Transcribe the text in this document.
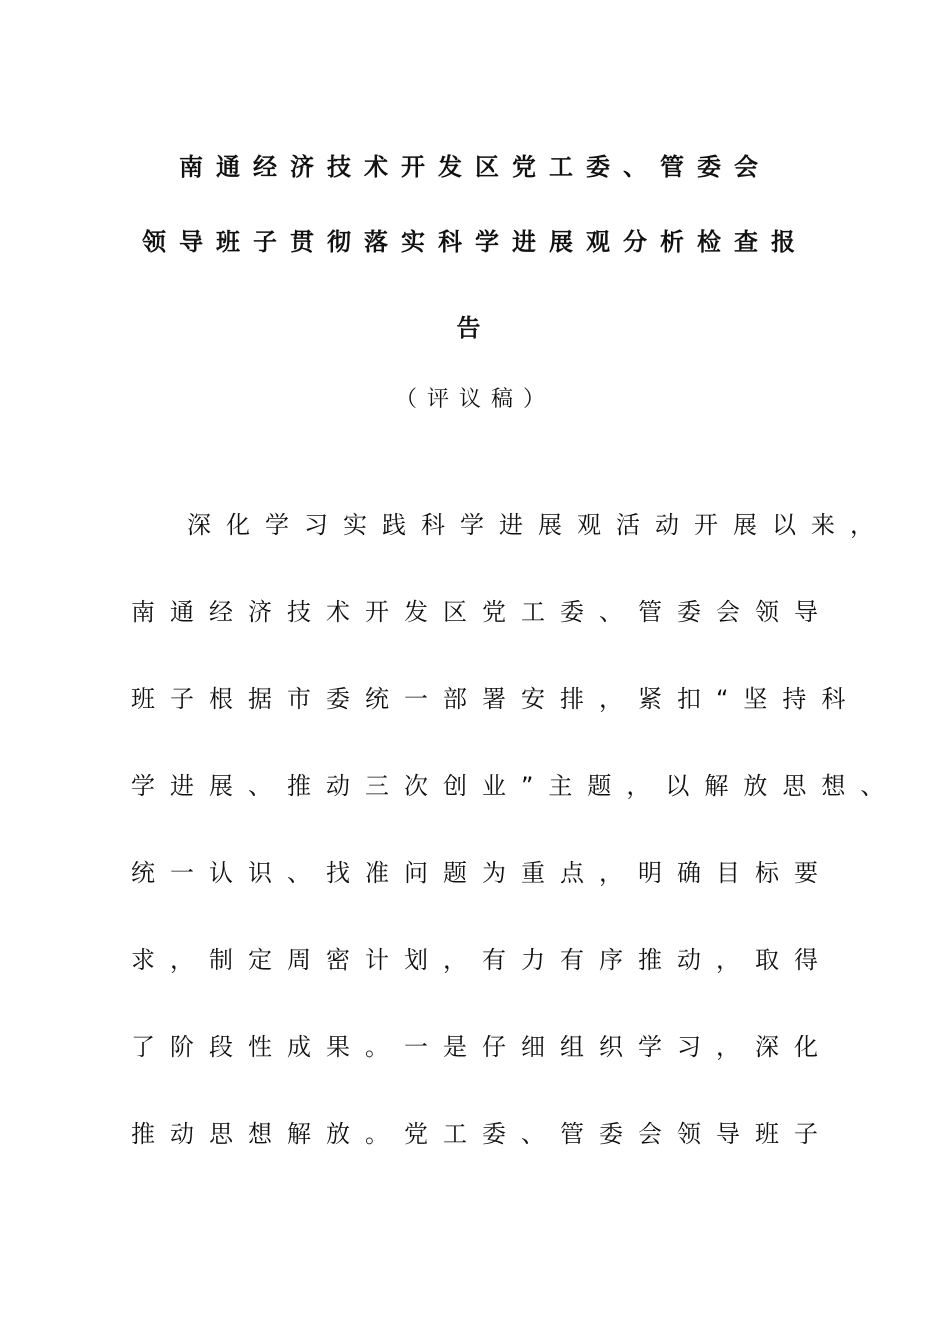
南通经济技术开发区党工委、管委会
领导班子贯彻落实科学进展观分析检查报
告
（评议稿）
深化学习实践科学进展观活动开展以来，
南通经济技术开发区党工委、管委会领导
班子根据市委统一部署安排，紧扣“坚持科
学进展、推动三次创业”主题，以解放思想、
统一认识、找准问题为重点，明确目标要
求，制定周密计划，有力有序推动，取得
了阶段性成果。一是仔细组织学习，深化
推动思想解放。党工委、管委会领导班子
